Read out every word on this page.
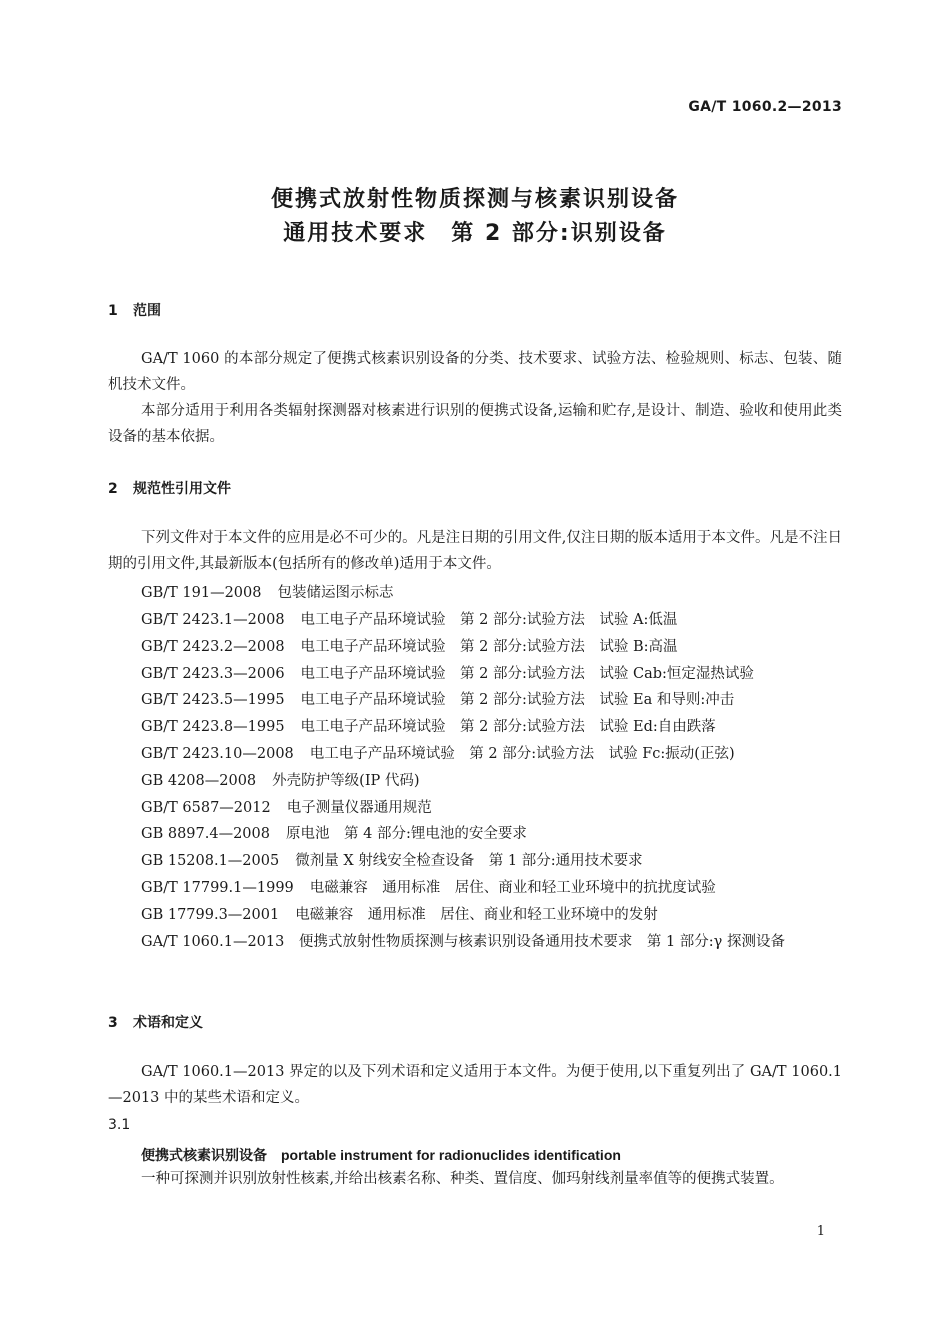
GA/T 1060.2—2013
便携式放射性物质探测与核素识别设备
通用技术要求　第 2 部分:识别设备
1 范围

GA/T 1060 的本部分规定了便携式核素识别设备的分类、技术要求、试验方法、检验规则、标志、包装、随机技术文件。

本部分适用于利用各类辐射探测器对核素进行识别的便携式设备,运输和贮存,是设计、制造、验收和使用此类设备的基本依据。

2 规范性引用文件

下列文件对于本文件的应用是必不可少的。凡是注日期的引用文件,仅注日期的版本适用于本文件。凡是不注日期的引用文件,其最新版本(包括所有的修改单)适用于本文件。

GB/T 191—2008 包装储运图示标志

GB/T 2423.1—2008 电工电子产品环境试验　第 2 部分:试验方法　试验 A:低温

GB/T 2423.2—2008 电工电子产品环境试验　第 2 部分:试验方法　试验 B:高温

GB/T 2423.3—2006 电工电子产品环境试验　第 2 部分:试验方法　试验 Cab:恒定湿热试验

GB/T 2423.5—1995 电工电子产品环境试验　第 2 部分:试验方法　试验 Ea 和导则:冲击

GB/T 2423.8—1995 电工电子产品环境试验　第 2 部分:试验方法　试验 Ed:自由跌落

GB/T 2423.10—2008 电工电子产品环境试验　第 2 部分:试验方法　试验 Fc:振动(正弦)

GB 4208—2008 外壳防护等级(IP 代码)

GB/T 6587—2012 电子测量仪器通用规范

GB 8897.4—2008 原电池　第 4 部分:锂电池的安全要求

GB 15208.1—2005 微剂量 X 射线安全检查设备　第 1 部分:通用技术要求

GB/T 17799.1—1999 电磁兼容　通用标准　居住、商业和轻工业环境中的抗扰度试验

GB 17799.3—2001 电磁兼容　通用标准　居住、商业和轻工业环境中的发射

GA/T 1060.1—2013　便携式放射性物质探测与核素识别设备通用技术要求　第 1 部分:γ 探测设备

3 术语和定义

GA/T 1060.1—2013 界定的以及下列术语和定义适用于本文件。为便于使用,以下重复列出了 GA/T 1060.1—2013 中的某些术语和定义。

3.1

便携式核素识别设备 portable instrument for radionuclides identification

一种可探测并识别放射性核素,并给出核素名称、种类、置信度、伽玛射线剂量率值等的便携式装置。

1
